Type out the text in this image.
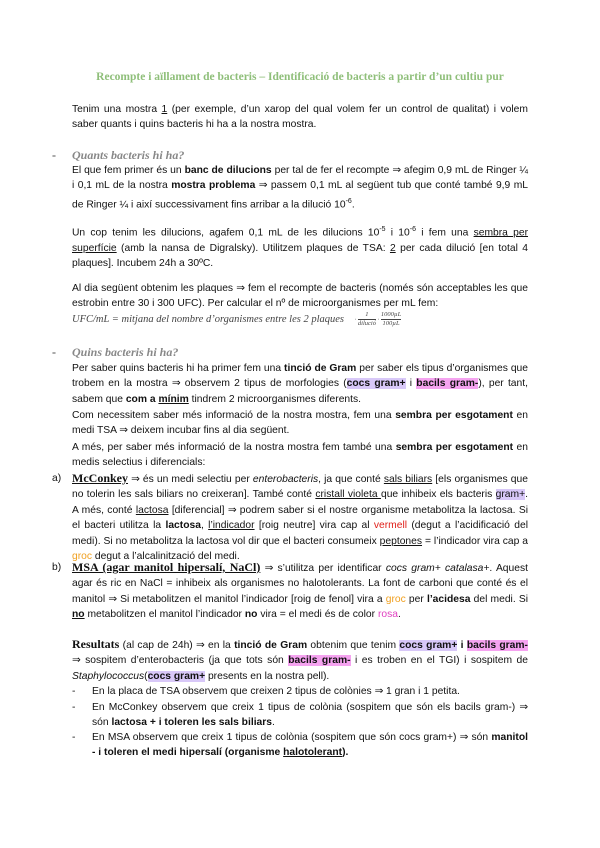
Recompte i aïllament de bacteris – Identificació de bacteris a partir d’un cultiu pur
Tenim una mostra 1 (per exemple, d’un xarop del qual volem fer un control de qualitat) i volem saber quants i quins bacteris hi ha a la nostra mostra.
- Quants bacteris hi ha?
El que fem primer és un banc de dilucions per tal de fer el recompte ⇒ afegim 0,9 mL de Ringer ¼ i 0,1 mL de la nostra mostra problema ⇒ passem 0,1 mL al següent tub que conté també 9,9 mL de Ringer ¼ i així successivament fins arribar a la dilució $10^{-6}$.
Un cop tenim les dilucions, agafem 0,1 mL de les dilucions $10^{-5}$ i $10^{-6}$ i fem una sembra per superfície (amb la nansa de Digralsky). Utilitzem plaques de TSA: 2 per cada dilució [en total 4 plaques]. Incubem 24h a 30ºC.
Al dia següent obtenim les plaques ⇒ fem el recompte de bacteris (només són acceptables les que estrobin entre 30 i 300 UFC). Per calcular el nº de microorganismes per mL fem:
UFC/mL = mitjana del nombre d’organismes entre les 2 plaques ·
1
dilució
·
1000µL
100µL
- Quins bacteris hi ha?
Per saber quins bacteris hi ha primer fem una tinció de Gram per saber els tipus d’organismes que trobem en la mostra ⇒ observem 2 tipus de morfologies (cocs gram+ i bacils gram-), per tant, sabem que com a mínim tindrem 2 microorganismes diferents.
Com necessitem saber més informació de la nostra mostra, fem una sembra per esgotament en medi TSA ⇒ deixem incubar fins al dia següent.
A més, per saber més informació de la nostra mostra fem també una sembra per esgotament en medis selectius i diferencials:
a) McConkey ⇒ és un medi selectiu per enterobacteris, ja que conté sals biliars [els organismes que no tolerin les sals biliars no creixeran]. També conté cristall violeta que inhibeix els bacteris gram+. A més, conté lactosa [diferencial] ⇒ podrem saber si el nostre organisme metabolitza la lactosa. Si el bacteri utilitza la lactosa, l’indicador [roig neutre] vira cap al vermell (degut a l’acidificació del medi). Si no metabolitza la lactosa vol dir que el bacteri consumeix peptones = l’indicador vira cap a groc degut a l’alcalinització del medi.
b) MSA (agar manitol hipersalí, NaCl) ⇒ s’utilitza per identificar cocs gram+ catalasa+. Aquest agar és ric en NaCl = inhibeix als organismes no halotolerants. La font de carboni que conté és el manitol ⇒ Si metabolitzen el manitol l’indicador [roig de fenol] vira a groc per l’acidesa del medi. Si no metabolitzen el manitol l’indicador no vira = el medi és de color rosa.
Resultats (al cap de 24h) ⇒ en la tinció de Gram obtenim que tenim cocs gram+ i bacils gram- ⇒ sospitem d’enterobacteris (ja que tots són bacils gram- i es troben en el TGI) i sospitem de Staphylococcus(cocs gram+ presents en la nostra pell).
- En la placa de TSA observem que creixen 2 tipus de colònies ⇒ 1 gran i 1 petita.
- En McConkey observem que creix 1 tipus de colònia (sospitem que són els bacils gram-) ⇒ són lactosa + i toleren les sals biliars.
- En MSA observem que creix 1 tipus de colònia (sospitem que són cocs gram+) ⇒ són manitol - i toleren el medi hipersalí (organisme halotolerant).
